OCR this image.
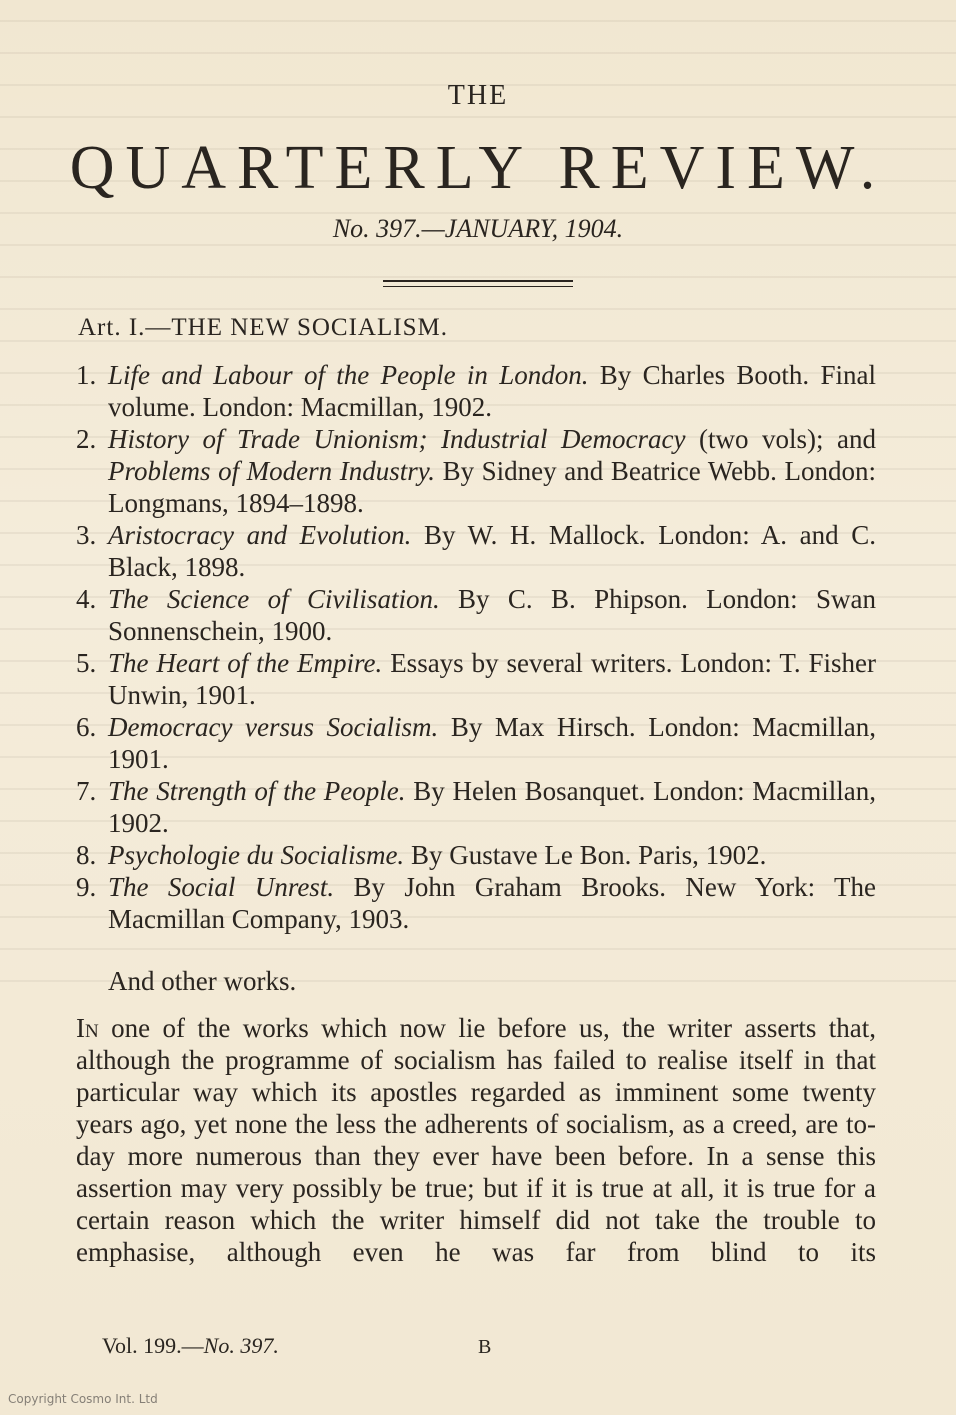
THE
QUARTERLY REVIEW.
No. 397.—JANUARY, 1904.
Art. I.—THE NEW SOCIALISM.
1. Life and Labour of the People in London. By Charles Booth. Final volume. London: Macmillan, 1902.
2. History of Trade Unionism; Industrial Democracy (two vols); and Problems of Modern Industry. By Sidney and Beatrice Webb. London: Longmans, 1894–1898.
3. Aristocracy and Evolution. By W. H. Mallock. London: A. and C. Black, 1898.
4. The Science of Civilisation. By C. B. Phipson. London: Swan Sonnenschein, 1900.
5. The Heart of the Empire. Essays by several writers. London: T. Fisher Unwin, 1901.
6. Democracy versus Socialism. By Max Hirsch. London: Macmillan, 1901.
7. The Strength of the People. By Helen Bosanquet. London: Macmillan, 1902.
8. Psychologie du Socialisme. By Gustave Le Bon. Paris, 1902.
9. The Social Unrest. By John Graham Brooks. New York: The Macmillan Company, 1903.
And other works.

In one of the works which now lie before us, the writer asserts that, although the programme of socialism has failed to realise itself in that particular way which its apostles regarded as imminent some twenty years ago, yet none the less the adherents of socialism, as a creed, are to-day more numerous than they ever have been before. In a sense this assertion may very possibly be true; but if it is true at all, it is true for a certain reason which the writer himself did not take the trouble to emphasise, although even he was far from blind to its

Vol. 199.—No. 397.	B
Copyright Cosmo Int. Ltd
